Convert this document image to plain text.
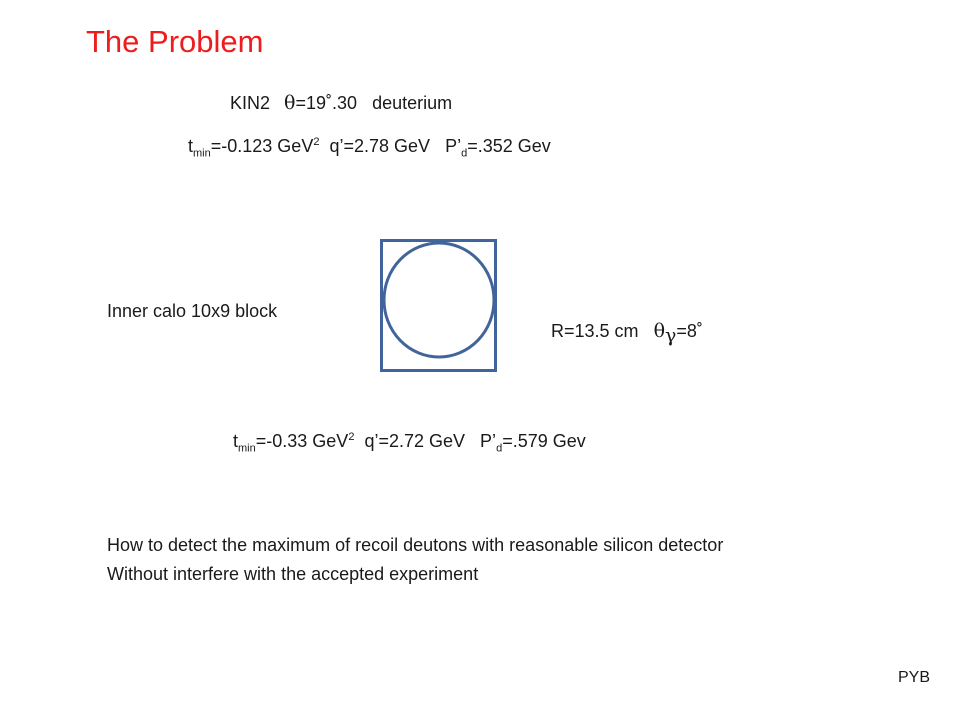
The Problem
KIN2 θ=19˚.30 deuterium
$t_{min}=-0.123$ GeV$^2$ q’=2.78 GeV $P’_d=.352$ Gev
Inner calo 10x9 block
R=13.5 cm $\theta_\gamma=8˚$
$t_{min}=-0.33$ GeV$^2$ q’=2.72 GeV $P’_d=.579$ Gev
How to detect the maximum of recoil deutons with reasonable silicon detector
Without interfere with the accepted experiment
PYB
